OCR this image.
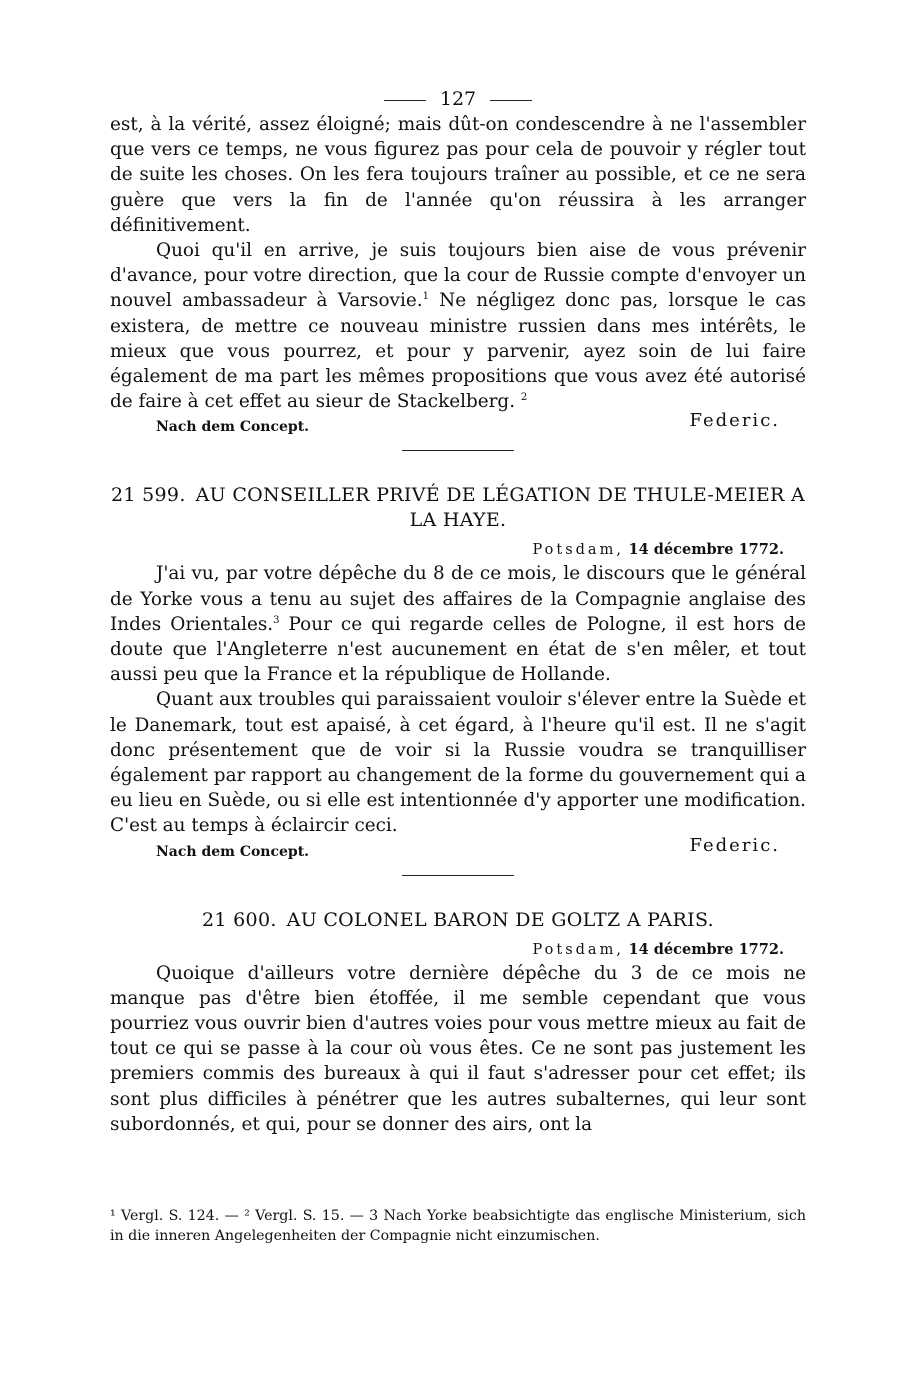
127

est, à la vérité, assez éloigné; mais dût-on condescendre à ne l'assembler que vers ce temps, ne vous figurez pas pour cela de pouvoir y régler tout de suite les choses. On les fera toujours traîner au possible, et ce ne sera guère que vers la fin de l'année qu'on réussira à les arranger définitivement.

Quoi qu'il en arrive, je suis toujours bien aise de vous prévenir d'avance, pour votre direction, que la cour de Russie compte d'envoyer un nouvel ambassadeur à Varsovie.$^1$ Ne négligez donc pas, lorsque le cas existera, de mettre ce nouveau ministre russien dans mes intérêts, le mieux que vous pourrez, et pour y parvenir, ayez soin de lui faire également de ma part les mêmes propositions que vous avez été autorisé de faire à cet effet au sieur de Stackelberg. $^2$

Federic.
Nach dem Concept.
21 599. AU CONSEILLER PRIVÉ DE LÉGATION DE THULE-MEIER A LA HAYE.
Potsdam, 14 décembre 1772.

J'ai vu, par votre dépêche du 8 de ce mois, le discours que le général de Yorke vous a tenu au sujet des affaires de la Compagnie anglaise des Indes Orientales.$^3$ Pour ce qui regarde celles de Pologne, il est hors de doute que l'Angleterre n'est aucunement en état de s'en mêler, et tout aussi peu que la France et la république de Hollande.

Quant aux troubles qui paraissaient vouloir s'élever entre la Suède et le Danemark, tout est apaisé, à cet égard, à l'heure qu'il est. Il ne s'agit donc présentement que de voir si la Russie voudra se tranquilliser également par rapport au changement de la forme du gouvernement qui a eu lieu en Suède, ou si elle est intentionnée d'y apporter une modification. C'est au temps à éclaircir ceci.

Federic.
Nach dem Concept.
21 600. AU COLONEL BARON DE GOLTZ A PARIS.
Potsdam, 14 décembre 1772.

Quoique d'ailleurs votre dernière dépêche du 3 de ce mois ne manque pas d'être bien étoffée, il me semble cependant que vous pourriez vous ouvrir bien d'autres voies pour vous mettre mieux au fait de tout ce qui se passe à la cour où vous êtes. Ce ne sont pas justement les premiers commis des bureaux à qui il faut s'adresser pour cet effet; ils sont plus difficiles à pénétrer que les autres subalternes, qui leur sont subordonnés, et qui, pour se donner des airs, ont la

¹ Vergl. S. 124. — ² Vergl. S. 15. — 3 Nach Yorke beabsichtigte das englische Ministerium, sich in die inneren Angelegenheiten der Compagnie nicht einzumischen.
